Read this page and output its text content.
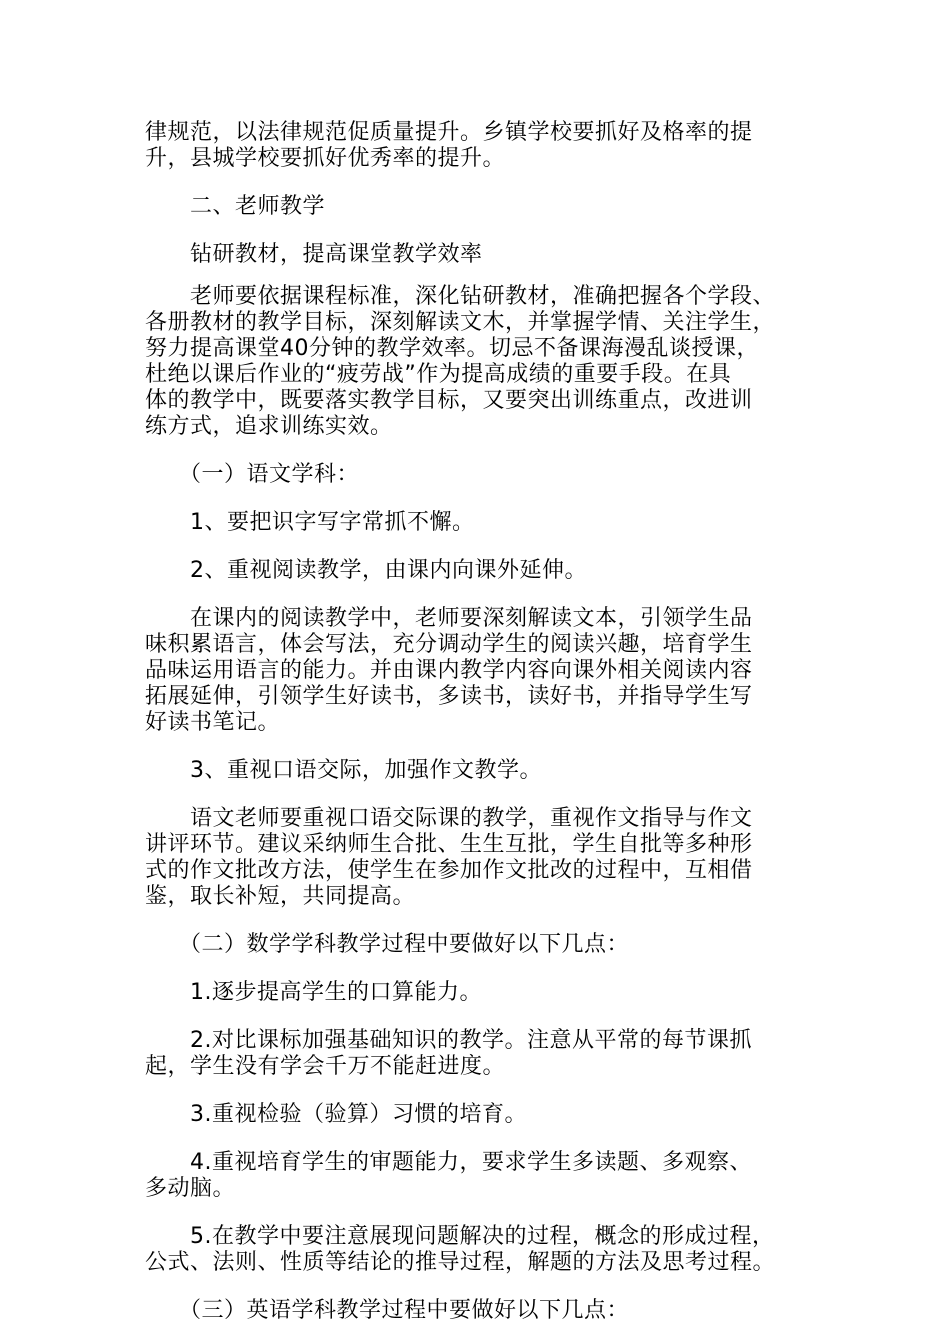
律规范，以法律规范促质量提升。乡镇学校要抓好及格率的提
升，县城学校要抓好优秀率的提升。

　　二、老师教学

　　钻研教材，提高课堂教学效率

　　老师要依据课程标准，深化钻研教材，准确把握各个学段、
各册教材的教学目标，深刻解读文木，并掌握学情、关注学生，
努力提高课堂40分钟的教学效率。切忌不备课海漫乱谈授课，
杜绝以课后作业的“疲劳战”作为提高成绩的重要手段。在具
体的教学中，既要落实教学目标，又要突出训练重点，改进训
练方式，追求训练实效。

　　（一）语文学科：

　　1、要把识字写字常抓不懈。

　　2、重视阅读教学，由课内向课外延伸。

　　在课内的阅读教学中，老师要深刻解读文本，引领学生品
味积累语言，体会写法，充分调动学生的阅读兴趣，培育学生
品味运用语言的能力。并由课内教学内容向课外相关阅读内容
拓展延伸，引领学生好读书，多读书，读好书，并指导学生写
好读书笔记。

　　3、重视口语交际，加强作文教学。

　　语文老师要重视口语交际课的教学，重视作文指导与作文
讲评环节。建议采纳师生合批、生生互批，学生自批等多种形
式的作文批改方法，使学生在参加作文批改的过程中，互相借
鉴，取长补短，共同提高。

　　（二）数学学科教学过程中要做好以下几点：

　　1.逐步提高学生的口算能力。

　　2.对比课标加强基础知识的教学。注意从平常的每节课抓
起，学生没有学会千万不能赶进度。

　　3.重视检验（验算）习惯的培育。

　　4.重视培育学生的审题能力，要求学生多读题、多观察、
多动脑。

　　5.在教学中要注意展现问题解决的过程，概念的形成过程，
公式、法则、性质等结论的推导过程，解题的方法及思考过程。

　　（三）英语学科教学过程中要做好以下几点：
